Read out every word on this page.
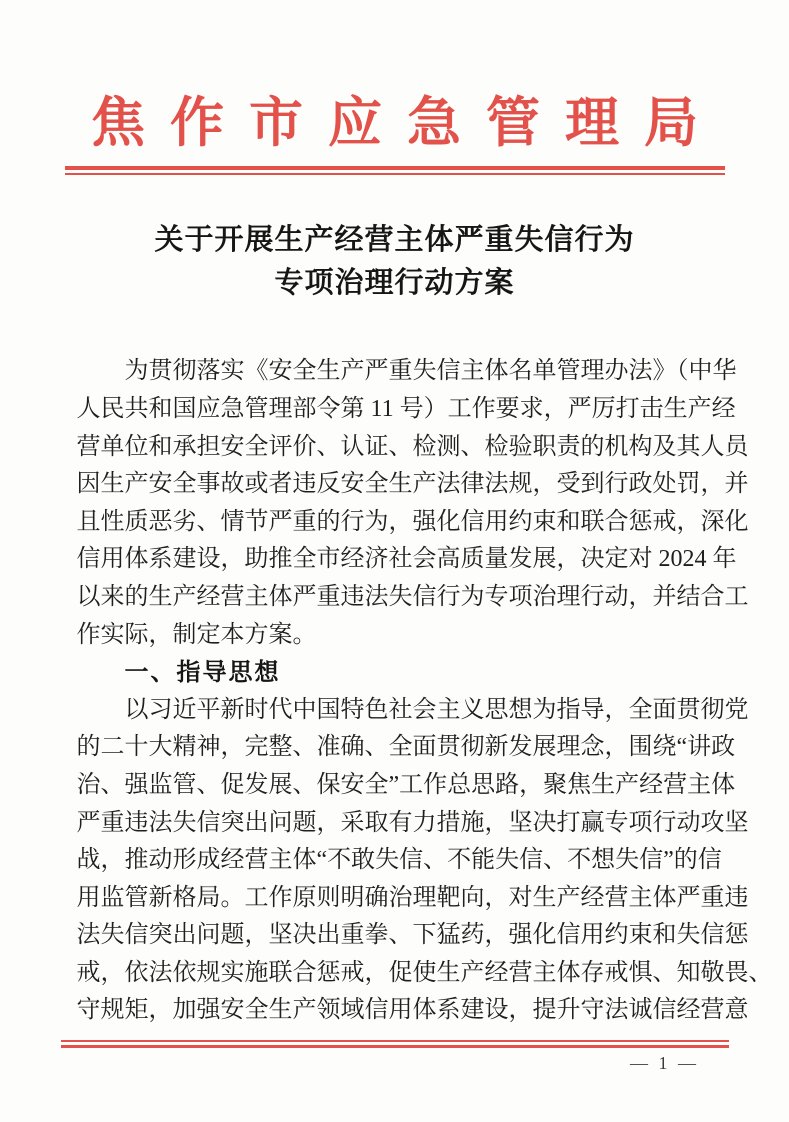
焦作市应急管理局
关于开展生产经营主体严重失信行为
专项治理行动方案
为贯彻落实《安全生产严重失信主体名单管理办法》（中华
人民共和国应急管理部令第 11 号）工作要求，严厉打击生产经
营单位和承担安全评价、认证、检测、检验职责的机构及其人员
因生产安全事故或者违反安全生产法律法规，受到行政处罚，并
且性质恶劣、情节严重的行为，强化信用约束和联合惩戒，深化
信用体系建设，助推全市经济社会高质量发展，决定对 2024 年
以来的生产经营主体严重违法失信行为专项治理行动，并结合工
作实际，制定本方案。
一、指导思想
以习近平新时代中国特色社会主义思想为指导，全面贯彻党
的二十大精神，完整、准确、全面贯彻新发展理念，围绕“讲政
治、强监管、促发展、保安全”工作总思路，聚焦生产经营主体
严重违法失信突出问题，采取有力措施，坚决打赢专项行动攻坚
战，推动形成经营主体“不敢失信、不能失信、不想失信”的信
用监管新格局。工作原则明确治理靶向，对生产经营主体严重违
法失信突出问题，坚决出重拳、下猛药，强化信用约束和失信惩
戒，依法依规实施联合惩戒，促使生产经营主体存戒惧、知敬畏、
守规矩，加强安全生产领域信用体系建设，提升守法诚信经营意
— 1 —
